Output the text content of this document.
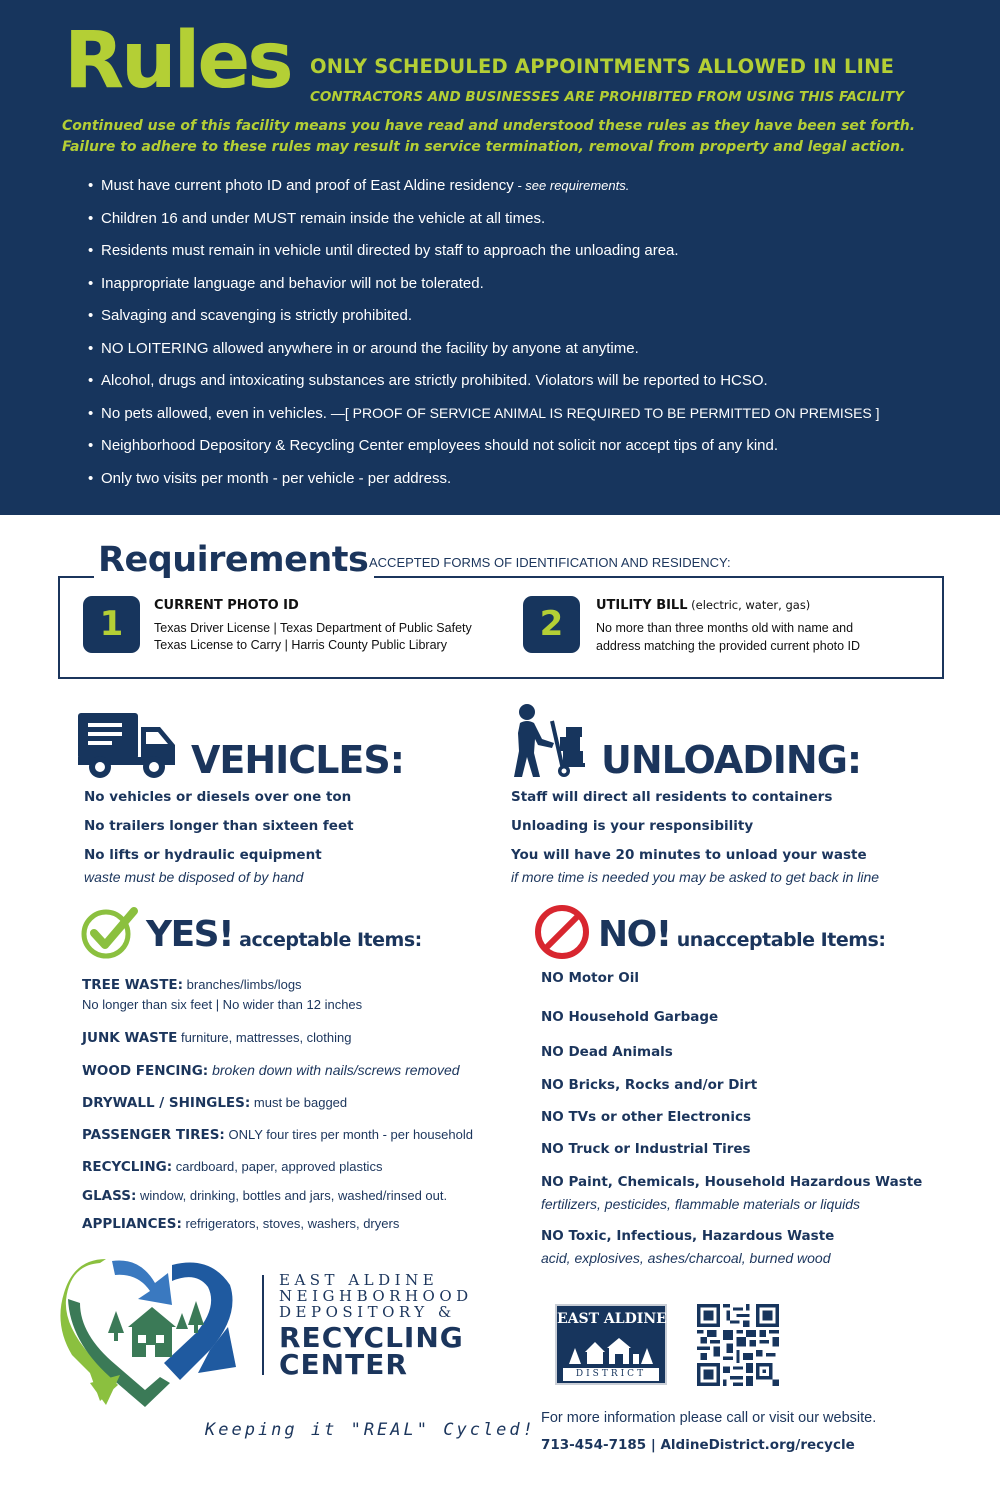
Rules ONLY SCHEDULED APPOINTMENTS ALLOWED IN LINE
CONTRACTORS AND BUSINESSES ARE PROHIBITED FROM USING THIS FACILITY
Continued use of this facility means you have read and understood these rules as they have been set forth.
Failure to adhere to these rules may result in service termination, removal from property and legal action.
• Must have current photo ID and proof of East Aldine residency - see requirements.
• Children 16 and under MUST remain inside the vehicle at all times.
• Residents must remain in vehicle until directed by staff to approach the unloading area.
• Inappropriate language and behavior will not be tolerated.
• Salvaging and scavenging is strictly prohibited.
• NO LOITERING allowed anywhere in or around the facility by anyone at anytime.
• Alcohol, drugs and intoxicating substances are strictly prohibited. Violators will be reported to HCSO.
• No pets allowed, even in vehicles. —[ PROOF OF SERVICE ANIMAL IS REQUIRED TO BE PERMITTED ON PREMISES ]
• Neighborhood Depository & Recycling Center employees should not solicit nor accept tips of any kind.
• Only two visits per month - per vehicle - per address.
Requirements ACCEPTED FORMS OF IDENTIFICATION AND RESIDENCY:
1	CURRENT PHOTO ID
Texas Driver License | Texas Department of Public Safety
Texas License to Carry | Harris County Public Library
2	UTILITY BILL (electric, water, gas)
No more than three months old with name and
address matching the provided current photo ID
VEHICLES:
No vehicles or diesels over one ton
No trailers longer than sixteen feet
No lifts or hydraulic equipment
waste must be disposed of by hand
UNLOADING:
Staff will direct all residents to containers
Unloading is your responsibility
You will have 20 minutes to unload your waste
if more time is needed you may be asked to get back in line
YES! acceptable Items:
TREE WASTE: branches/limbs/logs
No longer than six feet | No wider than 12 inches
JUNK WASTE furniture, mattresses, clothing
WOOD FENCING: broken down with nails/screws removed
DRYWALL / SHINGLES: must be bagged
PASSENGER TIRES: ONLY four tires per month - per household
RECYCLING: cardboard, paper, approved plastics
GLASS: window, drinking, bottles and jars, washed/rinsed out.
APPLIANCES: refrigerators, stoves, washers, dryers
NO! unacceptable Items:
NO Motor Oil
NO Household Garbage
NO Dead Animals
NO Bricks, Rocks and/or Dirt
NO TVs or other Electronics
NO Truck or Industrial Tires
NO Paint, Chemicals, Household Hazardous Waste
fertilizers, pesticides, flammable materials or liquids
NO Toxic, Infectious, Hazardous Waste
acid, explosives, ashes/charcoal, burned wood
EAST ALDINE
NEIGHBORHOOD
DEPOSITORY &
RECYCLING
CENTER
Keeping it "REAL" Cycled!
EAST ALDINE
DISTRICT
For more information please call or visit our website.
713-454-7185 | AldineDistrict.org/recycle
